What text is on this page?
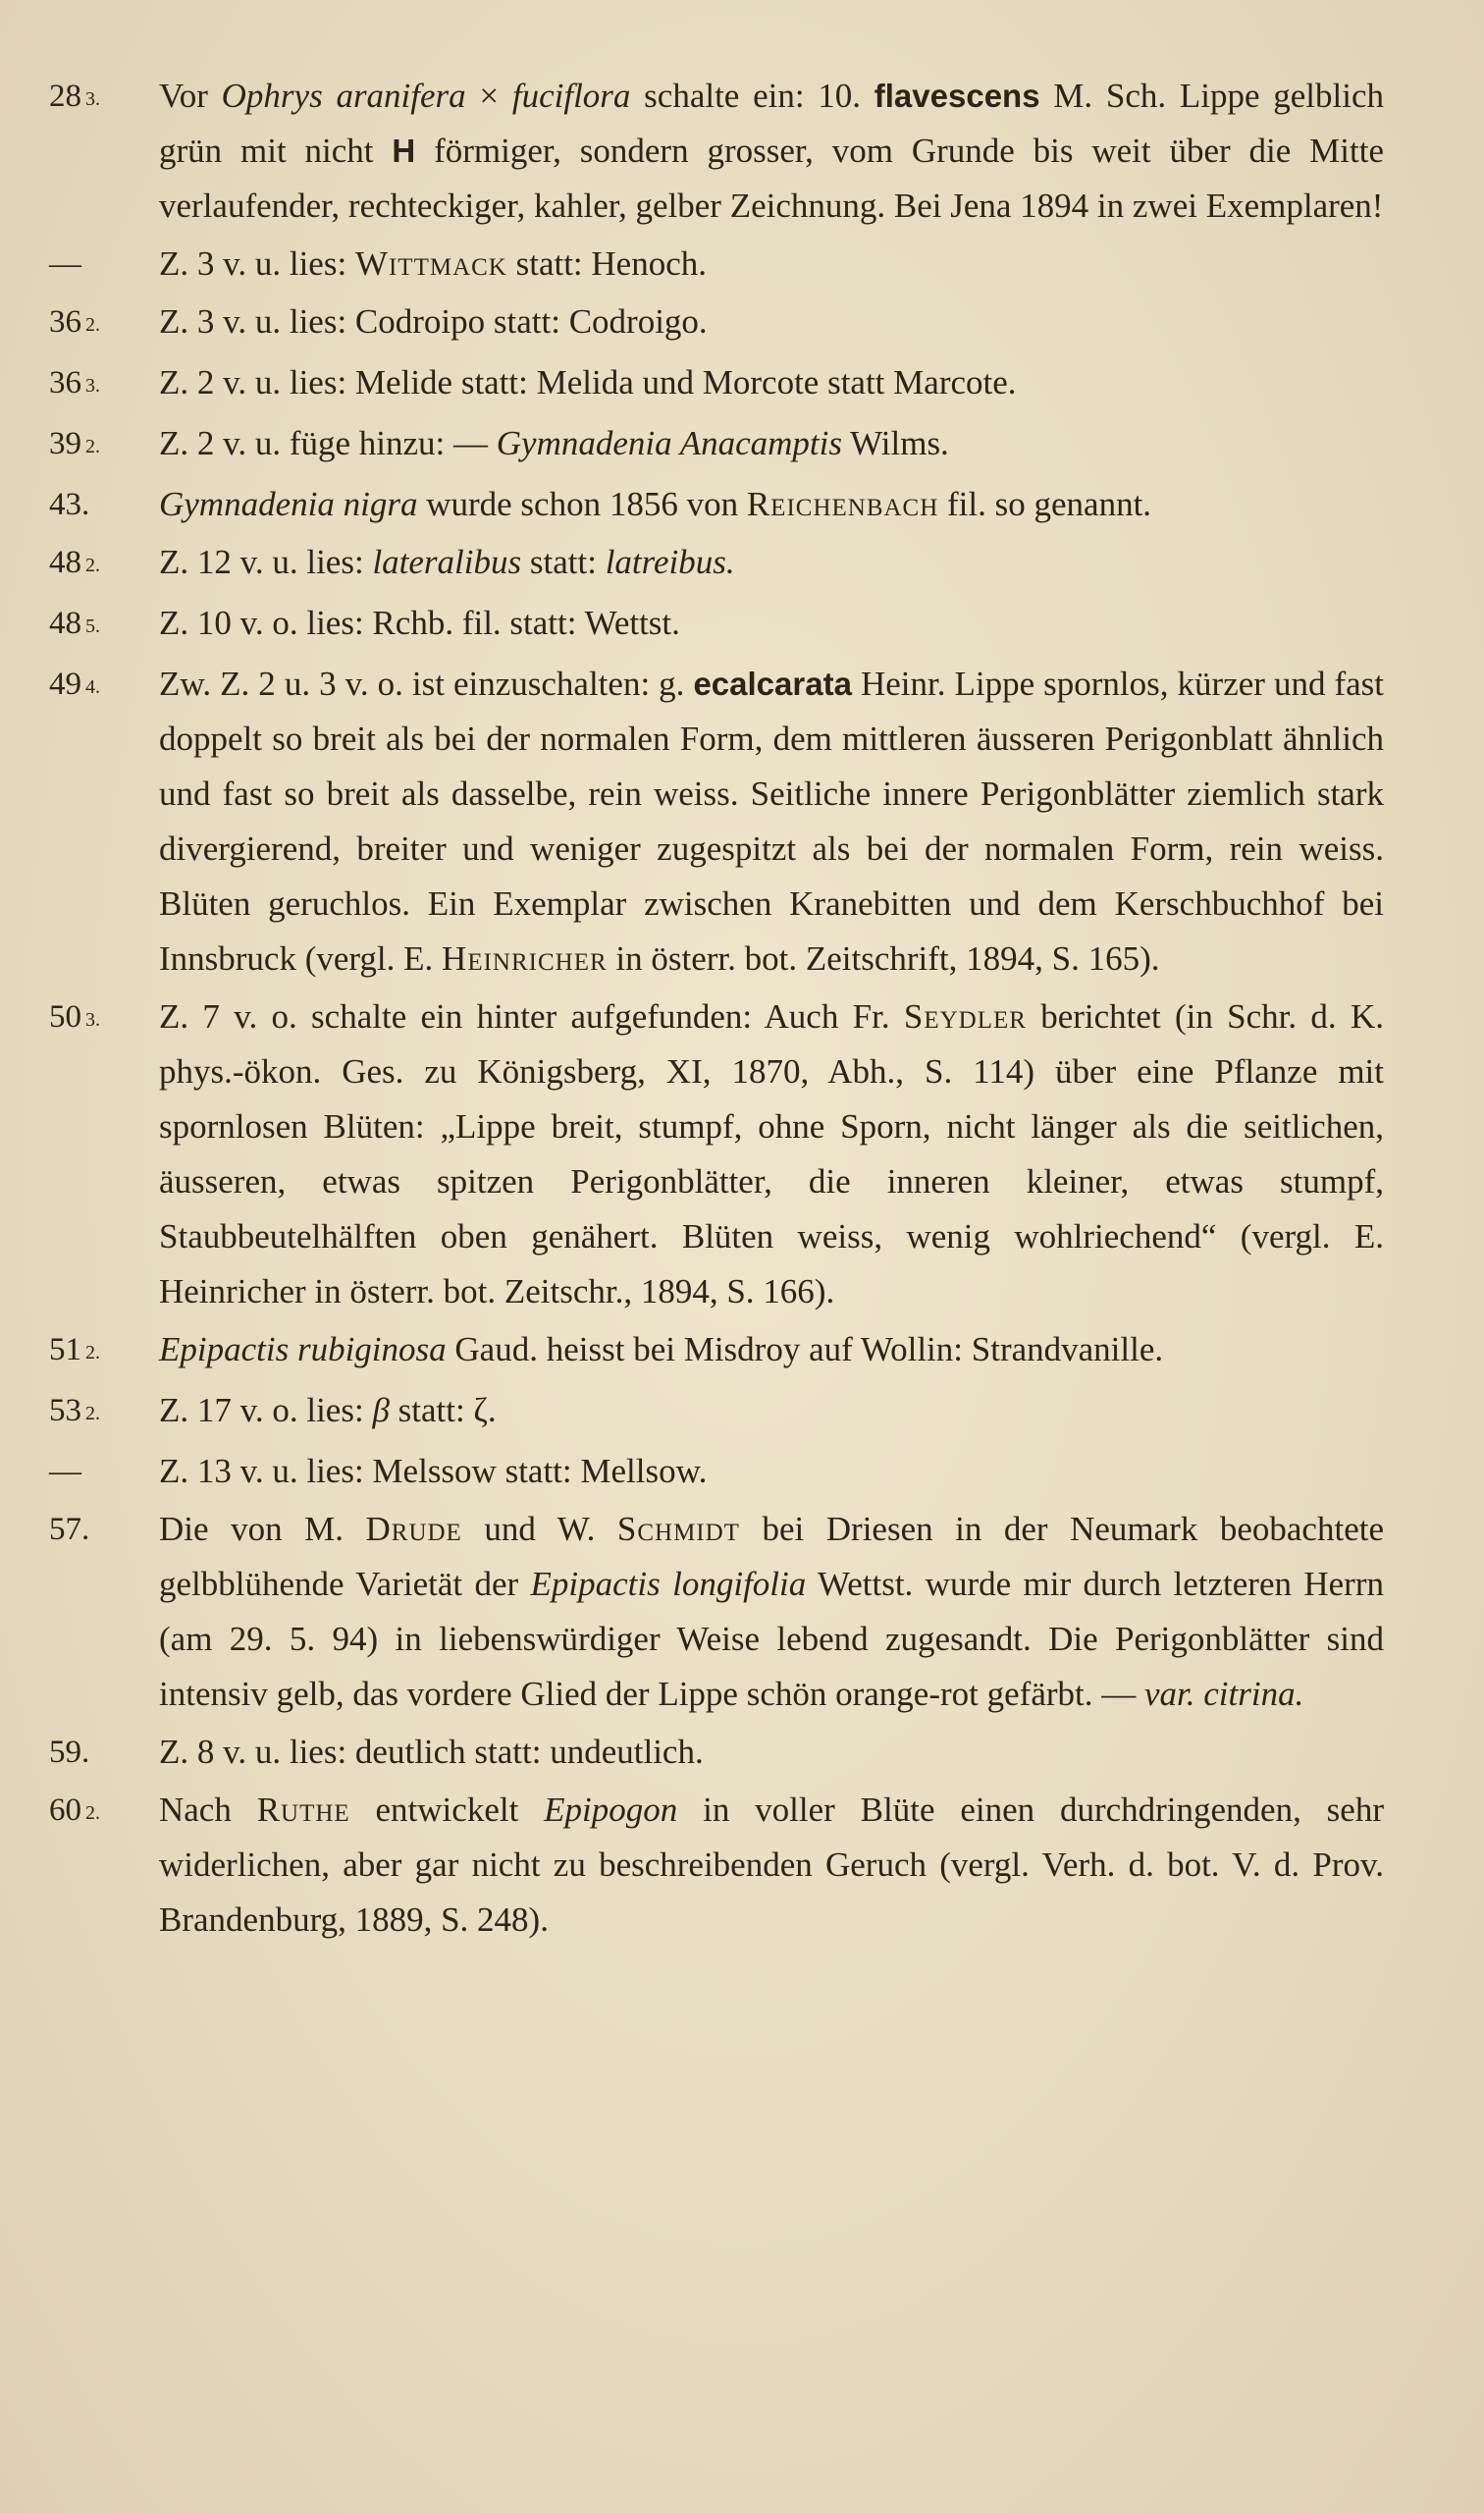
28 3.	Vor Ophrys aranifera × fuciflora schalte ein: 10. flavescens M. Sch. Lippe gelblich grün mit nicht H förmiger, sondern grosser, vom Grunde bis weit über die Mitte verlaufender, rechteckiger, kahler, gelber Zeichnung. Bei Jena 1894 in zwei Exemplaren!
—	Z. 3 v. u. lies: Wittmack statt: Henoch.
36 2.	Z. 3 v. u. lies: Codroipo statt: Codroigo.
36 3.	Z. 2 v. u. lies: Melide statt: Melida und Morcote statt Marcote.
39 2.	Z. 2 v. u. füge hinzu: — Gymnadenia Anacamptis Wilms.
43.	Gymnadenia nigra wurde schon 1856 von Reichenbach fil. so genannt.
48 2.	Z. 12 v. u. lies: lateralibus statt: latreibus.
48 5.	Z. 10 v. o. lies: Rchb. fil. statt: Wettst.
49 4.	Zw. Z. 2 u. 3 v. o. ist einzuschalten: g. ecalcarata Heinr. Lippe spornlos, kürzer und fast doppelt so breit als bei der normalen Form, dem mittleren äusseren Perigonblatt ähnlich und fast so breit als dasselbe, rein weiss. Seitliche innere Perigonblätter ziemlich stark divergierend, breiter und weniger zugespitzt als bei der normalen Form, rein weiss. Blüten geruchlos. Ein Exemplar zwischen Kranebitten und dem Kerschbuchhof bei Innsbruck (vergl. E. Heinricher in österr. bot. Zeitschrift, 1894, S. 165).
50 3.	Z. 7 v. o. schalte ein hinter aufgefunden: Auch Fr. Seydler berichtet (in Schr. d. K. phys.-ökon. Ges. zu Königsberg, XI, 1870, Abh., S. 114) über eine Pflanze mit spornlosen Blüten: „Lippe breit, stumpf, ohne Sporn, nicht länger als die seitlichen, äusseren, etwas spitzen Perigonblätter, die inneren kleiner, etwas stumpf, Staubbeutelhälften oben genähert. Blüten weiss, wenig wohlriechend“ (vergl. E. Heinricher in österr. bot. Zeitschr., 1894, S. 166).
51 2.	Epipactis rubiginosa Gaud. heisst bei Misdroy auf Wollin: Strandvanille.
53 2.	Z. 17 v. o. lies: β statt: ζ.
—	Z. 13 v. u. lies: Melssow statt: Mellsow.
57.	Die von M. Drude und W. Schmidt bei Driesen in der Neumark beobachtete gelbblühende Varietät der Epipactis longifolia Wettst. wurde mir durch letzteren Herrn (am 29. 5. 94) in liebenswürdiger Weise lebend zugesandt. Die Perigonblätter sind intensiv gelb, das vordere Glied der Lippe schön orange-rot gefärbt. — var. citrina.
59.	Z. 8 v. u. lies: deutlich statt: undeutlich.
60 2.	Nach Ruthe entwickelt Epipogon in voller Blüte einen durchdringenden, sehr widerlichen, aber gar nicht zu beschreibenden Geruch (vergl. Verh. d. bot. V. d. Prov. Brandenburg, 1889, S. 248).
